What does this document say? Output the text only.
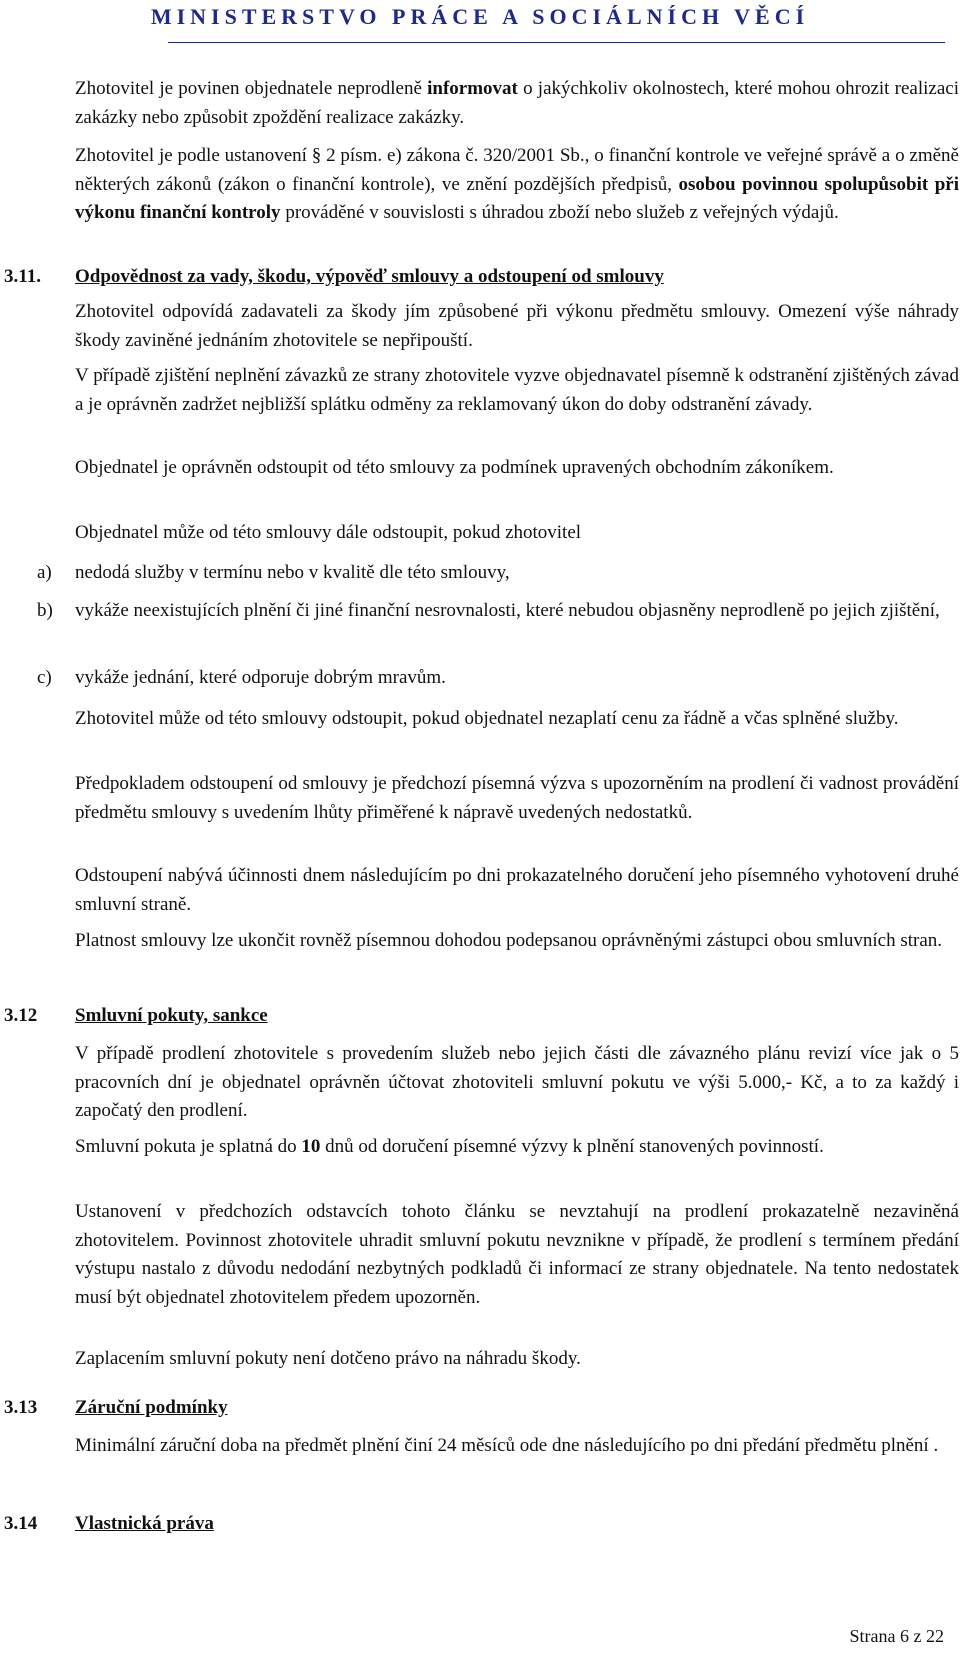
MINISTERSTVO PRÁCE A SOCIÁLNÍCH VĚCÍ

Zhotovitel je povinen objednatele neprodleně informovat o jakýchkoliv okolnostech, které mohou ohrozit realizaci zakázky nebo způsobit zpoždění realizace zakázky.

Zhotovitel je podle ustanovení § 2 písm. e) zákona č. 320/2001 Sb., o finanční kontrole ve veřejné správě a o změně některých zákonů (zákon o finanční kontrole), ve znění pozdějších předpisů, osobou povinnou spolupůsobit při výkonu finanční kontroly prováděné v souvislosti s úhradou zboží nebo služeb z veřejných výdajů.

3.11. Odpovědnost za vady, škodu, výpověď smlouvy a odstoupení od smlouvy

Zhotovitel odpovídá zadavateli za škody jím způsobené při výkonu předmětu smlouvy. Omezení výše náhrady škody zaviněné jednáním zhotovitele se nepřipouští.

V případě zjištění neplnění závazků ze strany zhotovitele vyzve objednavatel písemně k odstranění zjištěných závad a je oprávněn zadržet nejbližší splátku odměny za reklamovaný úkon do doby odstranění závady.

Objednatel je oprávněn odstoupit od této smlouvy za podmínek upravených obchodním zákoníkem.

Objednatel může od této smlouvy dále odstoupit, pokud zhotovitel

a) nedodá služby v termínu nebo v kvalitě dle této smlouvy,

b) vykáže neexistujících plnění či jiné finanční nesrovnalosti, které nebudou objasněny neprodleně po jejich zjištění,

c) vykáže jednání, které odporuje dobrým mravům.

Zhotovitel může od této smlouvy odstoupit, pokud objednatel nezaplatí cenu za řádně a včas splněné služby.

Předpokladem odstoupení od smlouvy je předchozí písemná výzva s upozorněním na prodlení či vadnost provádění předmětu smlouvy s uvedením lhůty přiměřené k nápravě uvedených nedostatků.

Odstoupení nabývá účinnosti dnem následujícím po dni prokazatelného doručení jeho písemného vyhotovení druhé smluvní straně.

Platnost smlouvy lze ukončit rovněž písemnou dohodou podepsanou oprávněnými zástupci obou smluvních stran.

3.12 Smluvní pokuty, sankce

V případě prodlení zhotovitele s provedením služeb nebo jejich části dle závazného plánu revizí více jak o 5 pracovních dní je objednatel oprávněn účtovat zhotoviteli smluvní pokutu ve výši 5.000,- Kč, a to za každý i započatý den prodlení.

Smluvní pokuta je splatná do 10 dnů od doručení písemné výzvy k plnění stanovených povinností.

Ustanovení v předchozích odstavcích tohoto článku se nevztahují na prodlení prokazatelně nezaviněná zhotovitelem. Povinnost zhotovitele uhradit smluvní pokutu nevznikne v případě, že prodlení s termínem předání výstupu nastalo z důvodu nedodání nezbytných podkladů či informací ze strany objednatele. Na tento nedostatek musí být objednatel zhotovitelem předem upozorněn.

Zaplacením smluvní pokuty není dotčeno právo na náhradu škody.

3.13 Záruční podmínky

Minimální záruční doba na předmět plnění činí 24 měsíců ode dne následujícího po dni předání předmětu plnění .

3.14 Vlastnická práva
Strana 6 z 22
